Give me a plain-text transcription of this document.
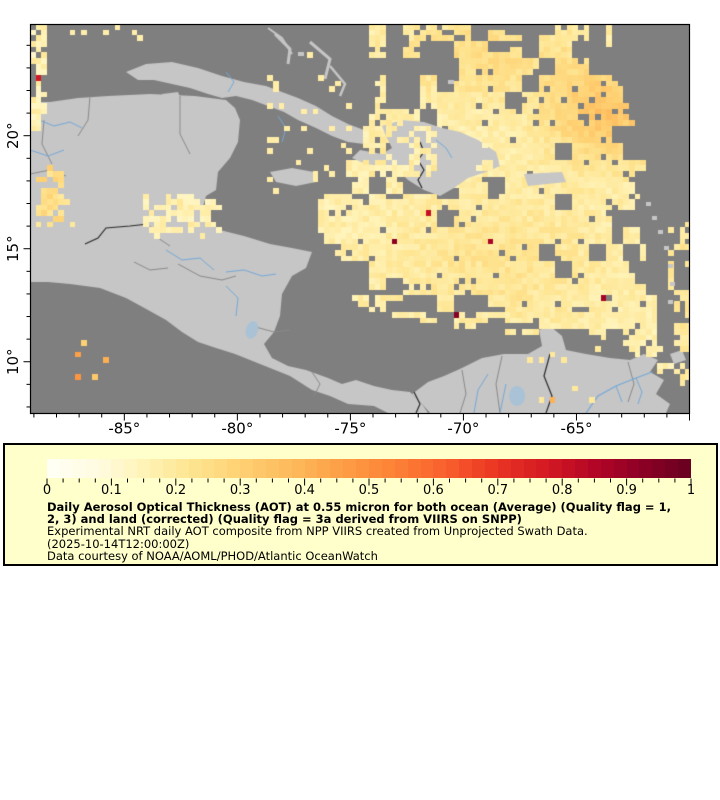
-85°	-80°	-75°	-70°	-65°
20°
15°
10°
0	0.1	0.2	0.3	0.4	0.5	0.6	0.7	0.8	0.9	1
Daily Aerosol Optical Thickness (AOT) at 0.55 micron for both ocean (Average) (Quality flag = 1,
2, 3) and land (corrected) (Quality flag = 3a derived from VIIRS on SNPP)
Experimental NRT daily AOT composite from NPP VIIRS created from Unprojected Swath Data.
(2025-10-14T12:00:00Z)
Data courtesy of NOAA/AOML/PHOD/Atlantic OceanWatch
